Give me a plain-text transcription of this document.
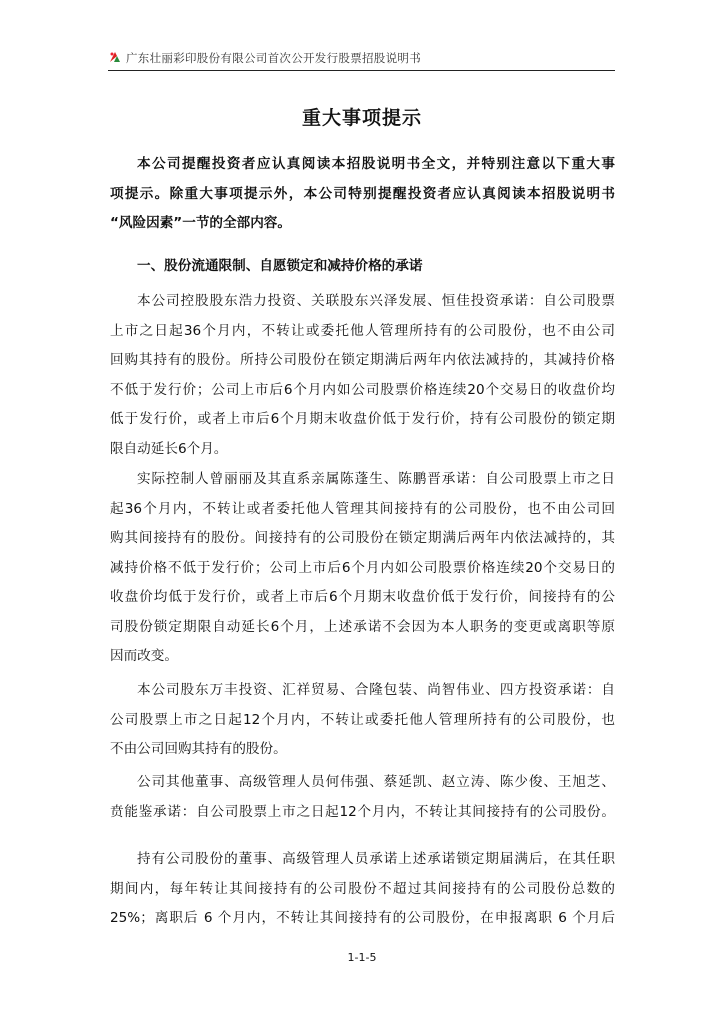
广东壮丽彩印股份有限公司首次公开发行股票招股说明书
重大事项提示
本公司提醒投资者应认真阅读本招股说明书全文，并特别注意以下重大事
项提示。除重大事项提示外，本公司特别提醒投资者应认真阅读本招股说明书
“风险因素”一节的全部内容。
一、股份流通限制、自愿锁定和减持价格的承诺
本公司控股股东浩力投资、关联股东兴泽发展、恒佳投资承诺：自公司股票
上市之日起36个月内，不转让或委托他人管理所持有的公司股份，也不由公司
回购其持有的股份。所持公司股份在锁定期满后两年内依法减持的，其减持价格
不低于发行价；公司上市后6个月内如公司股票价格连续20个交易日的收盘价均
低于发行价，或者上市后6个月期末收盘价低于发行价，持有公司股份的锁定期
限自动延长6个月。
实际控制人曾丽丽及其直系亲属陈蓬生、陈鹏晋承诺：自公司股票上市之日
起36个月内，不转让或者委托他人管理其间接持有的公司股份，也不由公司回
购其间接持有的股份。间接持有的公司股份在锁定期满后两年内依法减持的，其
减持价格不低于发行价；公司上市后6个月内如公司股票价格连续20个交易日的
收盘价均低于发行价，或者上市后6个月期末收盘价低于发行价，间接持有的公
司股份锁定期限自动延长6个月，上述承诺不会因为本人职务的变更或离职等原
因而改变。
本公司股东万丰投资、汇祥贸易、合隆包装、尚智伟业、四方投资承诺：自
公司股票上市之日起12个月内，不转让或委托他人管理所持有的公司股份，也
不由公司回购其持有的股份。
公司其他董事、高级管理人员何伟强、蔡延凯、赵立涛、陈少俊、王旭芝、
贲能鉴承诺：自公司股票上市之日起12个月内，不转让其间接持有的公司股份。
持有公司股份的董事、高级管理人员承诺上述承诺锁定期届满后，在其任职
期间内，每年转让其间接持有的公司股份不超过其间接持有的公司股份总数的
25%；离职后 6 个月内，不转让其间接持有的公司股份，在申报离职 6 个月后
1-1-5
